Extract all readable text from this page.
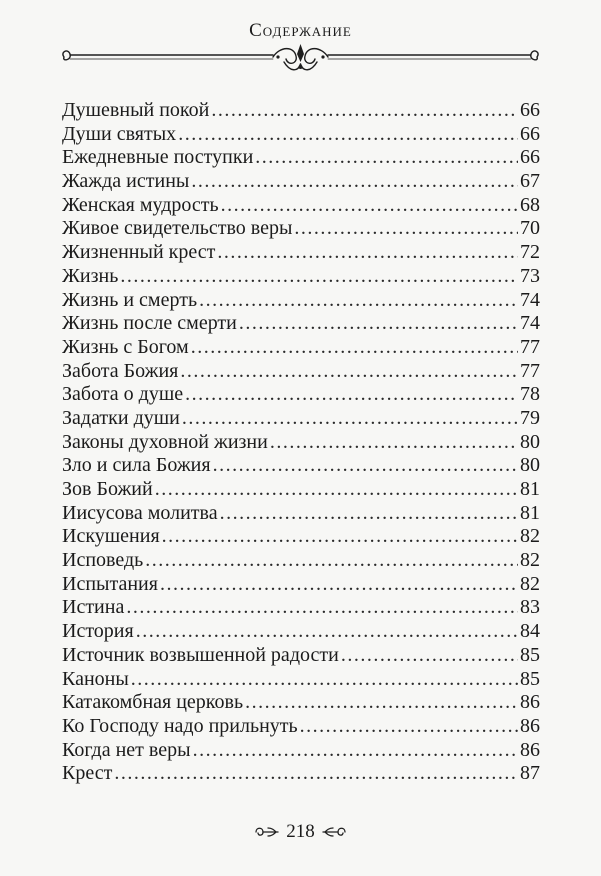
Содержание
Душевный покой .....	66
Души святых .....	66
Ежедневные поступки .....	66
Жажда истины .....	67
Женская мудрость .....	68
Живое свидетельство веры .....	70
Жизненный крест .....	72
Жизнь .....	73
Жизнь и смерть .....	74
Жизнь после смерти .....	74
Жизнь с Богом .....	77
Забота Божия .....	77
Забота о душе .....	78
Задатки души .....	79
Законы духовной жизни .....	80
Зло и сила Божия .....	80
Зов Божий .....	81
Иисусова молитва .....	81
Искушения .....	82
Исповедь .....	82
Испытания .....	82
Истина .....	83
История .....	84
Источник возвышенной радости .....	85
Каноны .....	85
Катакомбная церковь .....	86
Ко Господу надо прильнуть .....	86
Когда нет веры .....	86
Крест .....	87
218
